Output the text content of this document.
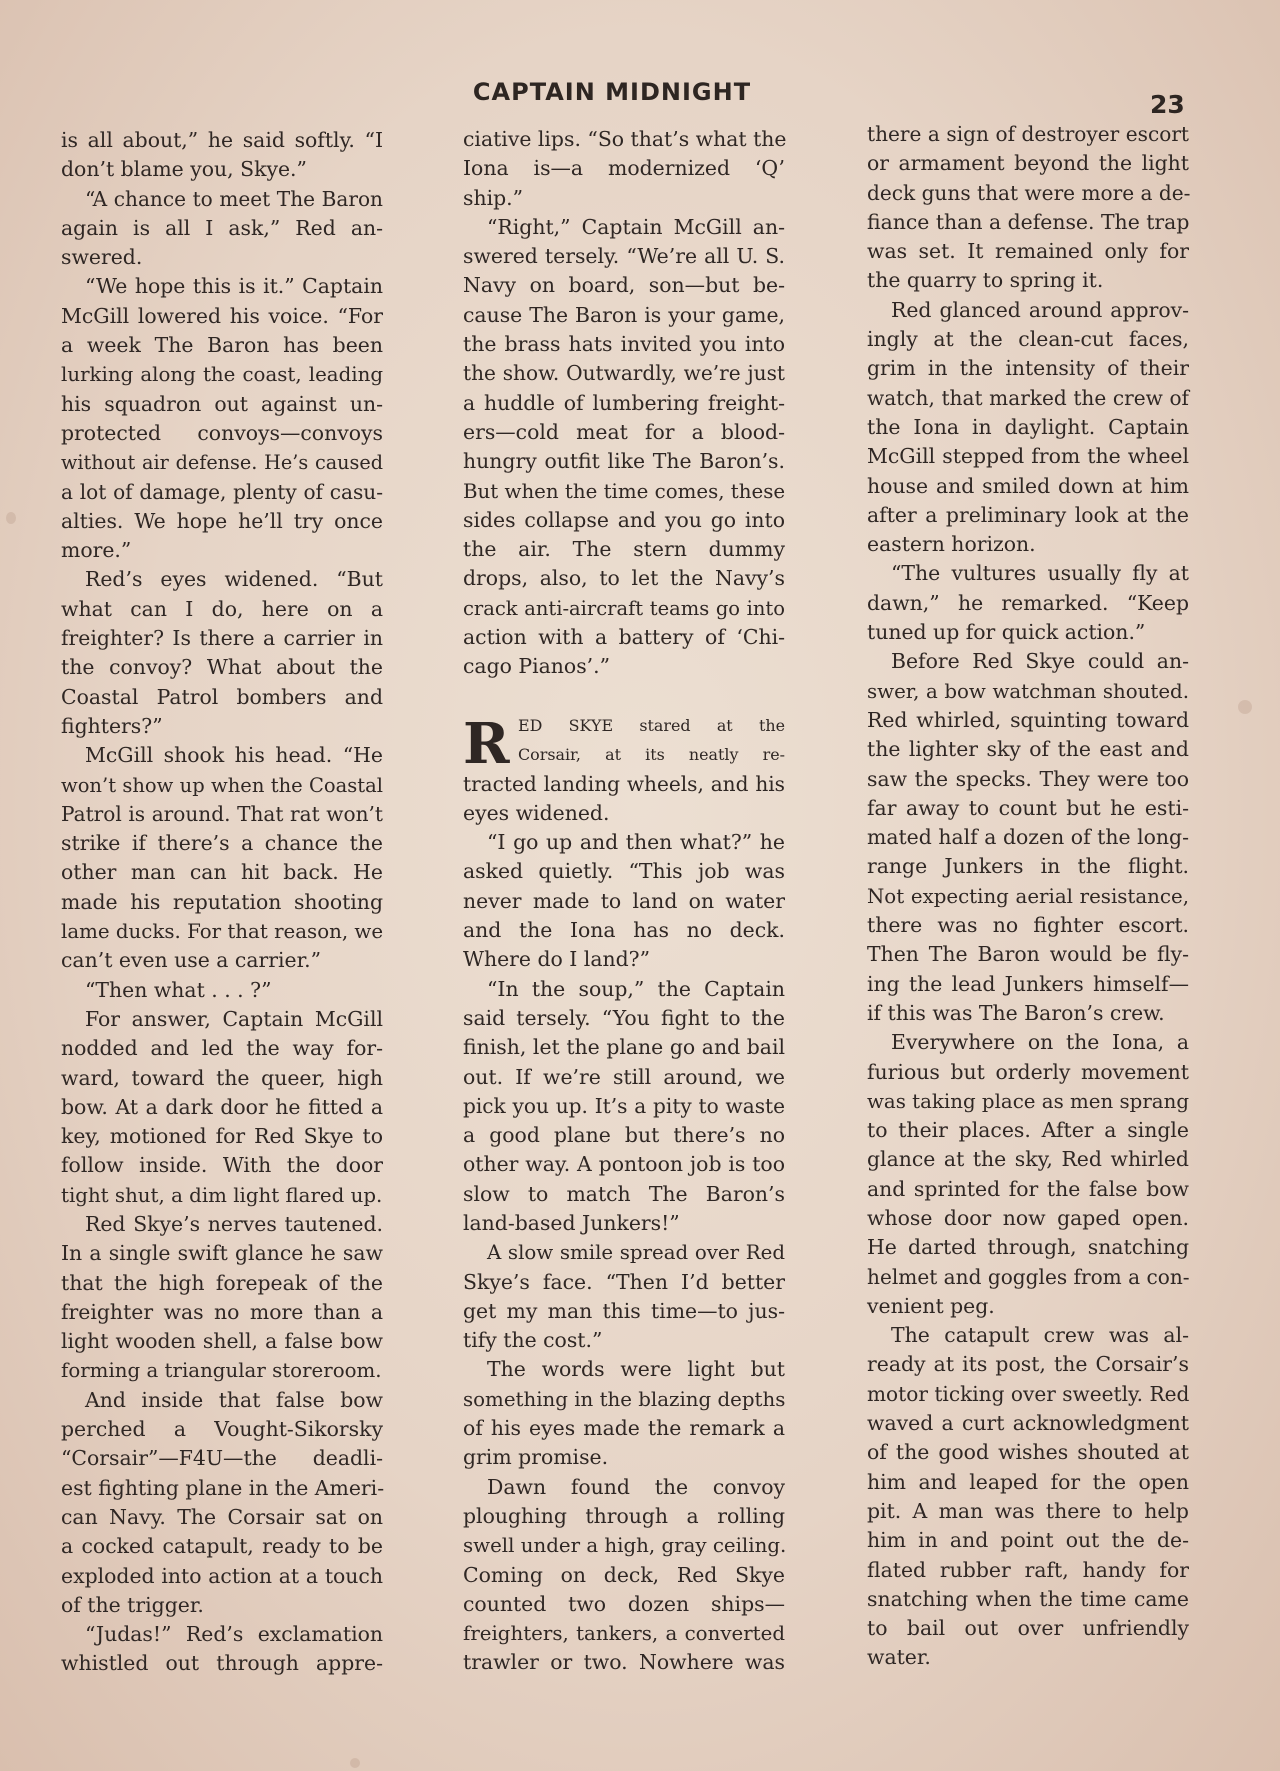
CAPTAIN MIDNIGHT	23
is all about,” he said softly. “I
don’t blame you, Skye.”
“A chance to meet The Baron
again is all I ask,” Red an-
swered.
“We hope this is it.” Captain
McGill lowered his voice. “For
a week The Baron has been
lurking along the coast, leading
his squadron out against un-
protected convoys—convoys
without air defense. He’s caused
a lot of damage, plenty of casu-
alties. We hope he’ll try once
more.”
Red’s eyes widened. “But
what can I do, here on a
freighter? Is there a carrier in
the convoy? What about the
Coastal Patrol bombers and
fighters?”
McGill shook his head. “He
won’t show up when the Coastal
Patrol is around. That rat won’t
strike if there’s a chance the
other man can hit back. He
made his reputation shooting
lame ducks. For that reason, we
can’t even use a carrier.”
“Then what . . . ?”
For answer, Captain McGill
nodded and led the way for-
ward, toward the queer, high
bow. At a dark door he fitted a
key, motioned for Red Skye to
follow inside. With the door
tight shut, a dim light flared up.
Red Skye’s nerves tautened.
In a single swift glance he saw
that the high forepeak of the
freighter was no more than a
light wooden shell, a false bow
forming a triangular storeroom.
And inside that false bow
perched a Vought-Sikorsky
“Corsair”—F4U—the deadli-
est fighting plane in the Ameri-
can Navy. The Corsair sat on
a cocked catapult, ready to be
exploded into action at a touch
of the trigger.
“Judas!” Red’s exclamation
whistled out through appre-
ciative lips. “So that’s what the
Iona is—a modernized ‘Q’
ship.”
“Right,” Captain McGill an-
swered tersely. “We’re all U. S.
Navy on board, son—but be-
cause The Baron is your game,
the brass hats invited you into
the show. Outwardly, we’re just
a huddle of lumbering freight-
ers—cold meat for a blood-
hungry outfit like The Baron’s.
But when the time comes, these
sides collapse and you go into
the air. The stern dummy
drops, also, to let the Navy’s
crack anti-aircraft teams go into
action with a battery of ‘Chi-
cago Pianos’.”
ED SKYE stared at the
Corsair, at its neatly re-
tracted landing wheels, and his
eyes widened.
“I go up and then what?” he
asked quietly. “This job was
never made to land on water
and the Iona has no deck.
Where do I land?”
“In the soup,” the Captain
said tersely. “You fight to the
finish, let the plane go and bail
out. If we’re still around, we
pick you up. It’s a pity to waste
a good plane but there’s no
other way. A pontoon job is too
slow to match The Baron’s
land-based Junkers!”
A slow smile spread over Red
Skye’s face. “Then I’d better
get my man this time—to jus-
tify the cost.”
The words were light but
something in the blazing depths
of his eyes made the remark a
grim promise.
Dawn found the convoy
ploughing through a rolling
swell under a high, gray ceiling.
Coming on deck, Red Skye
counted two dozen ships—
freighters, tankers, a converted
trawler or two. Nowhere was
there a sign of destroyer escort
or armament beyond the light
deck guns that were more a de-
fiance than a defense. The trap
was set. It remained only for
the quarry to spring it.
Red glanced around approv-
ingly at the clean-cut faces,
grim in the intensity of their
watch, that marked the crew of
the Iona in daylight. Captain
McGill stepped from the wheel
house and smiled down at him
after a preliminary look at the
eastern horizon.
“The vultures usually fly at
dawn,” he remarked. “Keep
tuned up for quick action.”
Before Red Skye could an-
swer, a bow watchman shouted.
Red whirled, squinting toward
the lighter sky of the east and
saw the specks. They were too
far away to count but he esti-
mated half a dozen of the long-
range Junkers in the flight.
Not expecting aerial resistance,
there was no fighter escort.
Then The Baron would be fly-
ing the lead Junkers himself—
if this was The Baron’s crew.
Everywhere on the Iona, a
furious but orderly movement
was taking place as men sprang
to their places. After a single
glance at the sky, Red whirled
and sprinted for the false bow
whose door now gaped open.
He darted through, snatching
helmet and goggles from a con-
venient peg.
The catapult crew was al-
ready at its post, the Corsair’s
motor ticking over sweetly. Red
waved a curt acknowledgment
of the good wishes shouted at
him and leaped for the open
pit. A man was there to help
him in and point out the de-
flated rubber raft, handy for
snatching when the time came
to bail out over unfriendly
water.
R
